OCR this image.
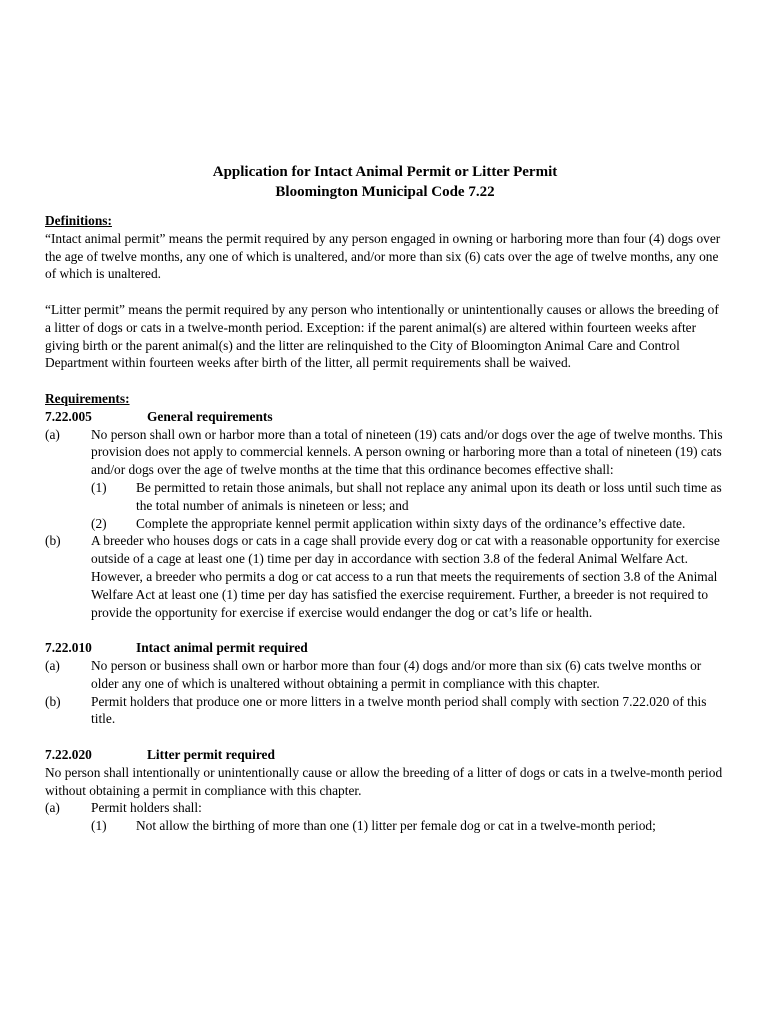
Application for Intact Animal Permit or Litter Permit
Bloomington Municipal Code 7.22
Definitions:

“Intact animal permit” means the permit required by any person engaged in owning or harboring more than four (4) dogs over the age of twelve months, any one of which is unaltered, and/or more than six (6) cats over the age of twelve months, any one of which is unaltered.

“Litter permit” means the permit required by any person who intentionally or unintentionally causes or allows the breeding of a litter of dogs or cats in a twelve-month period. Exception: if the parent animal(s) are altered within fourteen weeks after giving birth or the parent animal(s) and the litter are relinquished to the City of Bloomington Animal Care and Control Department within fourteen weeks after birth of the litter, all permit requirements shall be waived.

Requirements:
7.22.005	General requirements
(a) No person shall own or harbor more than a total of nineteen (19) cats and/or dogs over the age of twelve months. This provision does not apply to commercial kennels. A person owning or harboring more than a total of nineteen (19) cats and/or dogs over the age of twelve months at the time that this ordinance becomes effective shall:

(1) Be permitted to retain those animals, but shall not replace any animal upon its death or loss until such time as the total number of animals is nineteen or less; and

(2) Complete the appropriate kennel permit application within sixty days of the ordinance’s effective date.

(b) A breeder who houses dogs or cats in a cage shall provide every dog or cat with a reasonable opportunity for exercise outside of a cage at least one (1) time per day in accordance with section 3.8 of the federal Animal Welfare Act. However, a breeder who permits a dog or cat access to a run that meets the requirements of section 3.8 of the Animal Welfare Act at least one (1) time per day has satisfied the exercise requirement. Further, a breeder is not required to provide the opportunity for exercise if exercise would endanger the dog or cat’s life or health.

7.22.010	Intact animal permit required
(a) No person or business shall own or harbor more than four (4) dogs and/or more than six (6) cats twelve months or older any one of which is unaltered without obtaining a permit in compliance with this chapter.

(b) Permit holders that produce one or more litters in a twelve month period shall comply with section 7.22.020 of this title.

7.22.020	Litter permit required

No person shall intentionally or unintentionally cause or allow the breeding of a litter of dogs or cats in a twelve-month period without obtaining a permit in compliance with this chapter.

(a) Permit holders shall:

(1) Not allow the birthing of more than one (1) litter per female dog or cat in a twelve-month period;
